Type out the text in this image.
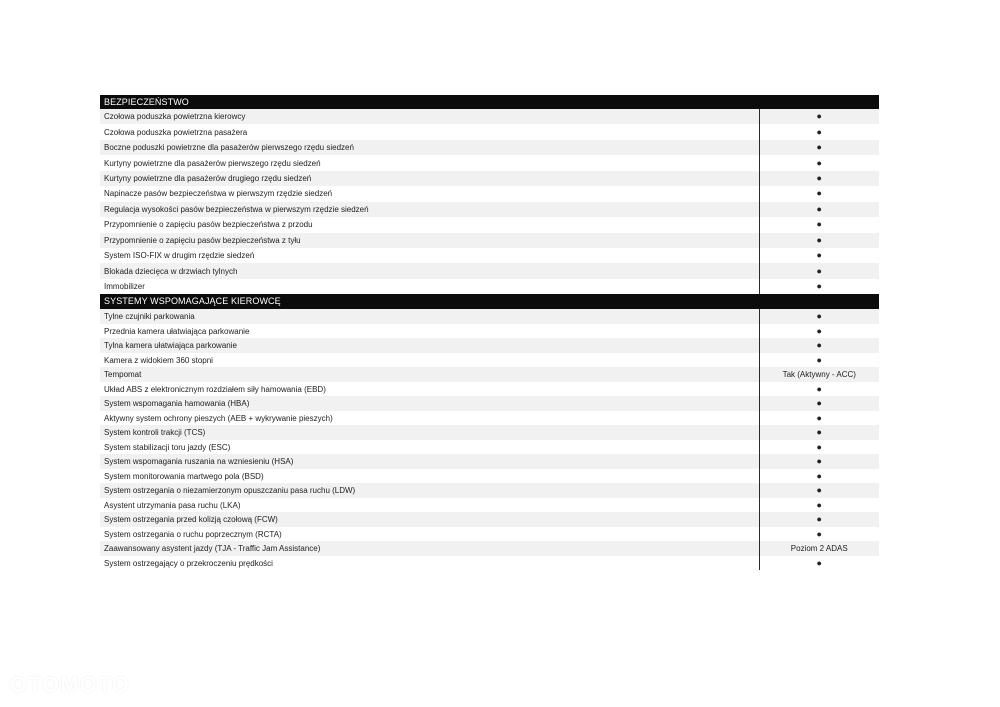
BEZPIECZEŃSTWO	
Czołowa poduszka powietrzna kierowcy	●
Czołowa poduszka powietrzna pasażera	●
Boczne poduszki powietrzne dla pasażerów pierwszego rzędu siedzeń	●
Kurtyny powietrzne dla pasażerów pierwszego rzędu siedzeń	●
Kurtyny powietrzne dla pasażerów drugiego rzędu siedzeń	●
Napinacze pasów bezpieczeństwa w pierwszym rzędzie siedzeń	●
Regulacja wysokości pasów bezpieczeństwa w pierwszym rzędzie siedzeń	●
Przypomnienie o zapięciu pasów bezpieczeństwa z przodu	●
Przypomnienie o zapięciu pasów bezpieczeństwa z tyłu	●
System ISO-FIX w drugim rzędzie siedzeń	●
Blokada dziecięca w drzwiach tylnych	●
Immobilizer	●
SYSTEMY WSPOMAGAJĄCE KIEROWCĘ	
Tylne czujniki parkowania	●
Przednia kamera ułatwiająca parkowanie	●
Tylna kamera ułatwiająca parkowanie	●
Kamera z widokiem 360 stopni	●
Tempomat	Tak (Aktywny - ACC)
Układ ABS z elektronicznym rozdziałem siły hamowania (EBD)	●
System wspomagania hamowania (HBA)	●
Aktywny system ochrony pieszych (AEB + wykrywanie pieszych)	●
System kontroli trakcji (TCS)	●
System stabilizacji toru jazdy (ESC)	●
System wspomagania ruszania na wzniesieniu (HSA)	●
System monitorowania martwego pola (BSD)	●
System ostrzegania o niezamierzonym opuszczaniu pasa ruchu (LDW)	●
Asystent utrzymania pasa ruchu (LKA)	●
System ostrzegania przed kolizją czołową (FCW)	●
System ostrzegania o ruchu poprzecznym (RCTA)	●
Zaawansowany asystent jazdy (TJA - Traffic Jam Assistance)	Poziom 2 ADAS
System ostrzegający o przekroczeniu prędkości	●
OTOMOTO
